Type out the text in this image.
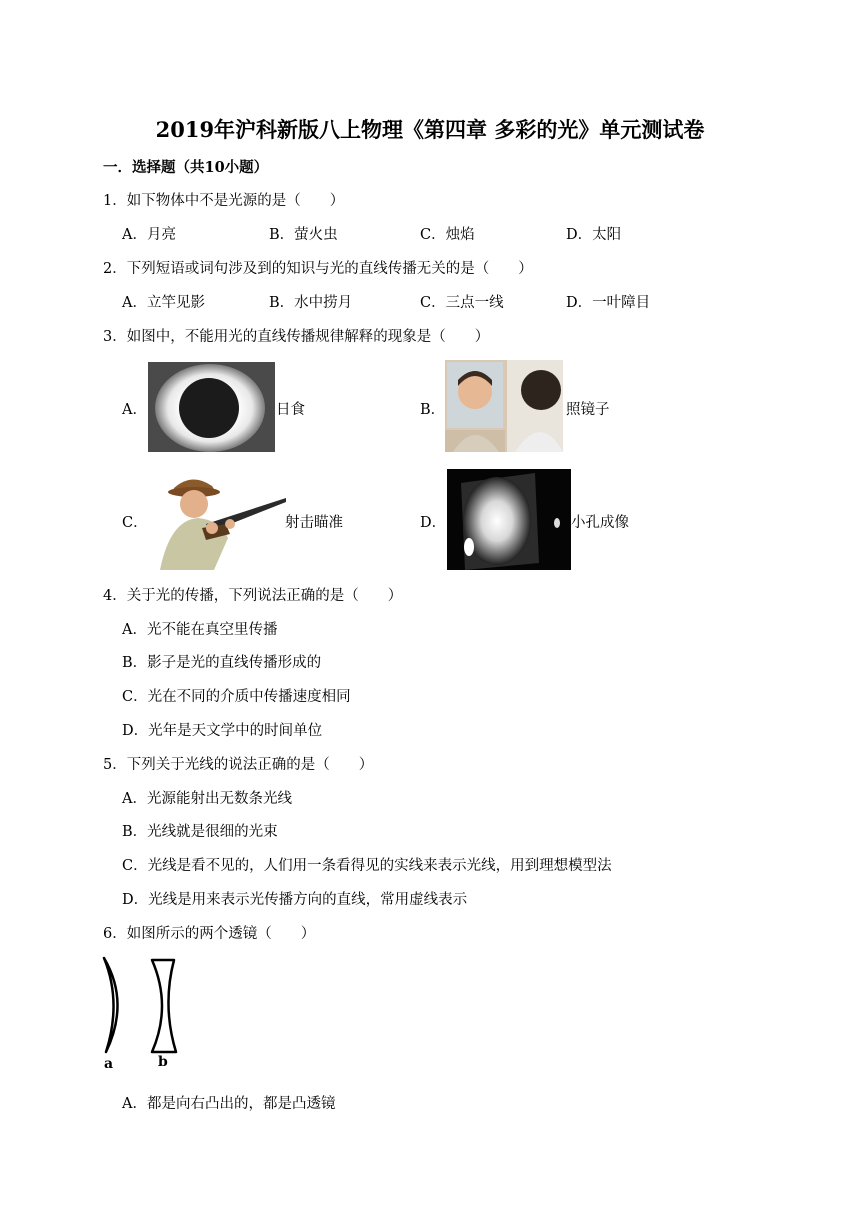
2019年沪科新版八上物理《第四章 多彩的光》单元测试卷
一．选择题（共10小题）
1．如下物体中不是光源的是（　　）
A．月亮	B．萤火虫	C．烛焰	D．太阳
2．下列短语或词句涉及到的知识与光的直线传播无关的是（　　）
A．立竿见影	B．水中捞月	C．三点一线	D．一叶障目
3．如图中，不能用光的直线传播规律解释的现象是（　　）
A．	日食	B．	照镜子
C．	射击瞄准	D．	小孔成像
4．关于光的传播，下列说法正确的是（　　）
A．光不能在真空里传播
B．影子是光的直线传播形成的
C．光在不同的介质中传播速度相同
D．光年是天文学中的时间单位
5．下列关于光线的说法正确的是（　　）
A．光源能射出无数条光线
B．光线就是很细的光束
C．光线是看不见的，人们用一条看得见的实线来表示光线，用到理想模型法
D．光线是用来表示光传播方向的直线，常用虚线表示
6．如图所示的两个透镜（　　）
a	b
A．都是向右凸出的，都是凸透镜
